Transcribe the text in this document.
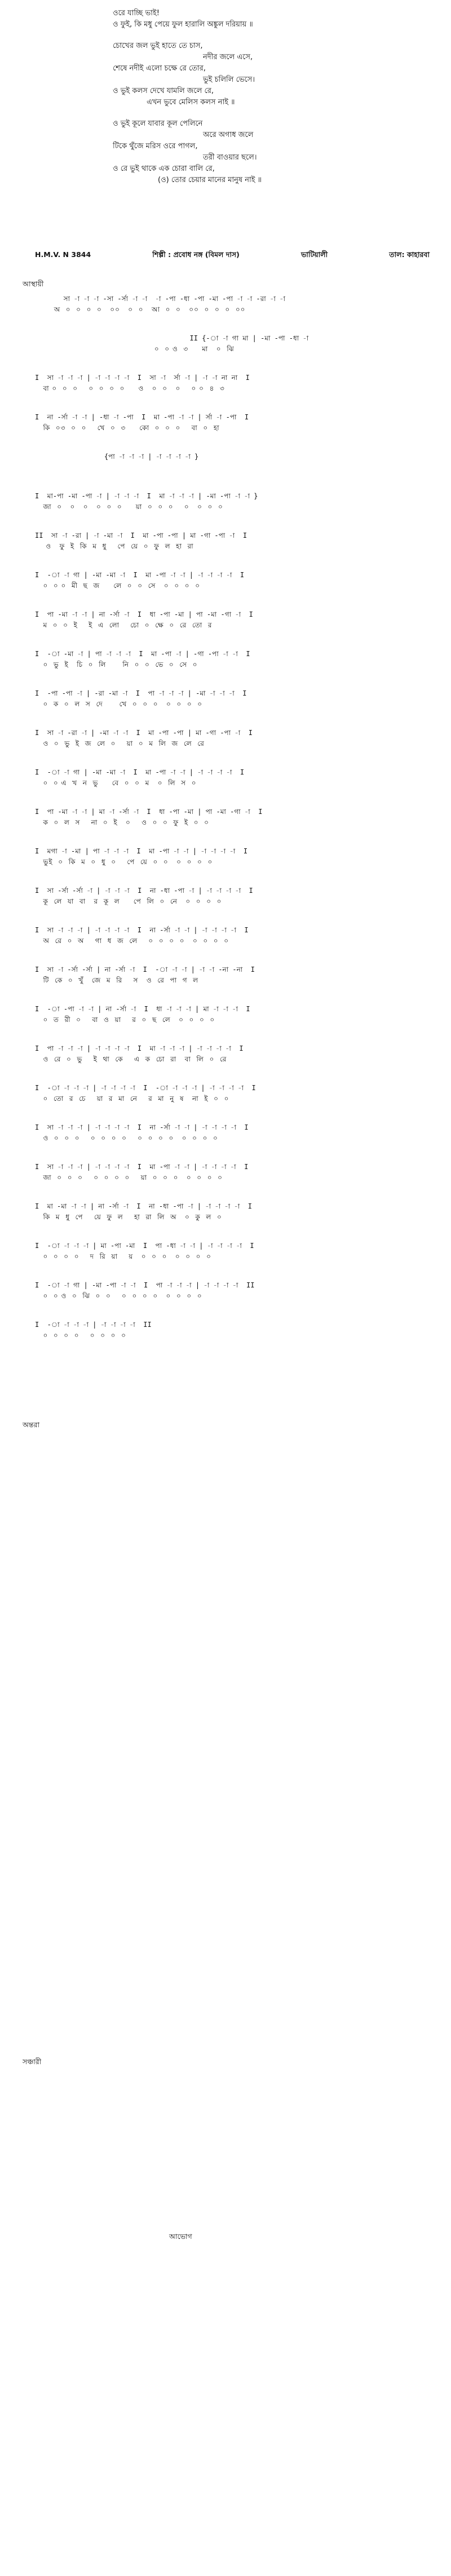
ওরে যাচ্ছি ভাই!
ও ফুই, কি মধু পেয়ে ফুল হারালি অঙ্কুল দরিয়ায় ॥
চোখের জল ভুই হাতে তে চাস,
নদীর জলে এসে,
শেষে নদীই এলো চক্ষে রে তোর,
ভুই চলিলি ভেসে।
ও ভুই কলস দেখে যামলি জলে রে,
এখন ভুবে মেলিস কলস নাই ॥
ও ভুই কূলে যাবার কূল পেলিনে
অরে অগাধ জলে
টিকে থুঁজে মরিস ওরে পাগল,
তরী বাওয়ার ছলে।
ও রে ভুই থাকে এক চোরা বালি রে,
(ও) তোর চেয়ার মানের মানুষ নাই ॥
H.M.V. N 3844	শিল্পী : প্রবোধ নঙ্গ (বিমল দাস)	ভাটিয়ালী	তাল: কাহারবা
আস্থায়ী
সা -া -া -া -সা -র্সা -া -া  -া -পা -ধা -পা -মা -পা -া -া -রা -া -া
অ  ০  ০  ০  ০   ০০   ০  ০   আ  ০  ০   ০০  ০  ০  ০  ০০
II {-া -া গা মা | -মা -পা -ধা -া
০  ০ ও  ৩     মা   ০  ঝি
I  সা -া -া -া | -া -া -া -া  I  সা -া  র্সা -া | -া -া না না  I
বা ০  ০  ০    ০  ০  ০  ০     ও   ০  ০   ০    ০ ০  ৪  ৩
I  না -র্সা -া -া | -ধা -া -পা  I  মা -পা -া -া | র্সা -া -পা  I
কি  ০৩  ০  ০    খে  ০  ৩     কো  ০  ০  ০    বা  ০  হা
{পা -া -া -া | -া -া -া -া }
I  মা-পা -মা -পা -া | -া -া -া  I  মা -া -া -া | -মা -পা -া -া }
জা  ০   ০   ০   ০  ০  ০     য়া  ০  ০  ০    ০   ০  ০  ০
II  সা -া -রা | -া -মা -া  I  মা -পা -পা | মা -গা -পা -া  I
ও   ফু  ই  কি  ম  ধু    পে  য়ে  ০  ফু  ল  হা  রা
I  -া -া গা | -মা -মা -া  I  মা -পা -া -া | -া -া -া -া  I
০  ০ ০  মী  ছ  জ     লে  ০  ০  সে   ০  ০  ০  ০
I  পা -মা -া -া | না -র্সা -া  I  ধা -পা -মা | পা -মা -গা -া  I
ম  ০  ০  ই    ই  এ  লো    চো  ০  ক্ষে  ০  রে  তো  র
I  -া -মা -া | পা -া -া -া  I  মা -পা -া | -গা -পা -া -া  I
০  ভু  ই   চি  ০  লি      নি  ০  ০  ভে  ০  সে  ০
I  -পা -পা -া | -রা -মা -া  I  পা -া -া -া | -মা -া -া -া  I
০  ক  ০  ল  স  দে      খে  ০  ০  ০   ০  ০  ০  ০
I  সা -া -রা -া | -মা -া -া  I  মা -পা -পা | মা -গা -পা -া  I
ও  ০  ভু  ই  জ  লে  ০    য়া  ০  ম  লি  জ  লে  রে
I  -া -া গা | -মা -মা -া  I  মা -পা -া -া | -া -া -া -া  I
০  ০ এ  খ  ন  ভু     বে  ০  ০  ম   ০  লি  স  ০
I  পা -মা -া -া | মা -া -র্সা -া  I  ধা -পা -মা | পা -মা -গা -া  I
ক  ০  ল  স    না  ০  ই   ০    ও  ০  ০  ফু  ই  ০  ০
I  মগা -া -মা | পা -া -া -া  I  মা -পা -া -া | -া -া -া -া  I
ভুই  ০  কি  ম  ০  ধু  ০    পে  য়ে  ০  ০   ০  ০  ০  ০
I  সা -র্সা -র্সা -া | -া -া -া  I  না -ধা -পা -া | -া -া -া -া  I
কূ  লে  যা  বা   র  কূ  ল     পে  লি  ০  নে   ০  ০  ০  ০
I  সা -া -া -া | -া -া -া -া  I  না -র্সা -া -া | -া -া -া -া  I
অ  রে  ০  অ    গা  ধ  জ  লে    ০  ০  ০  ০   ০  ০  ০  ০
I  সা -া -র্সা -র্সা | না -র্সা -া  I  -া -া -া | -া -া -না -না  I
টি  কে  ০  খুঁ   জে  ম  রি    স   ও  রে  পা  গ  ল
I  -া -পা -া -া | না -র্সা -া  I  ধা -া -া -া | মা -া -া -া  I
০  ত  রী  ০    বা  ও  য়া    র  ০  ছ  লে   ০  ০  ০  ০
I  পা -া -া -া | -া -া -া -া  I  মা -া -া -া | -া -া -া -া  I
ও  রে  ০  ভু    ই  থা  কে    এ  ক  চো  রা   বা  লি  ০  রে
I  -া -া -া -া | -া -া -া -া  I  -া -া -া -া | -া -া -া -া  I
০  তো  র  চে    য়া  র  মা  নে    র  মা  নু  ষ   না  ই  ০  ০
I  সা -া -া -া | -া -া -া -া  I  না -র্সা -া -া | -া -া -া -া  I
ও  ০  ০  ০    ০  ০  ০  ০    ০  ০  ০  ০   ০  ০  ০  ০
I  সা -া -া -া | -া -া -া -া  I  মা -পা -া -া | -া -া -া -া  I
জা  ০  ০  ০    ০  ০  ০  ০    য়া  ০  ০  ০   ০  ০  ০  ০
I  মা -মা -া -া | না -র্সা -া  I  না -ধা -পা -া | -া -া -া -া  I
কি  ম  ধু  পে    য়ে  ফু  ল    হা  রা  লি  অ   ০  কু  ল  ০
I  -া -া -া -া | মা -পা -মা  I  পা -ধা -া -া | -া -া -া -া  I
০  ০  ০  ০    দ  রি  য়া    য়   ০  ০  ০   ০  ০  ০  ০
I  -া -া গা | -মা -পা -া -া  I  পা -া -া -া | -া -া -া -া  II
০  ০ ও  ০  ঝি  ০  ০    ০  ০  ০  ০   ০  ০  ০  ০
I  -া -া -া -া | -া -া -া -া  II
০  ০  ০  ০    ০  ০  ০  ০
অন্তরা
সঞ্চারী
আভোগ
